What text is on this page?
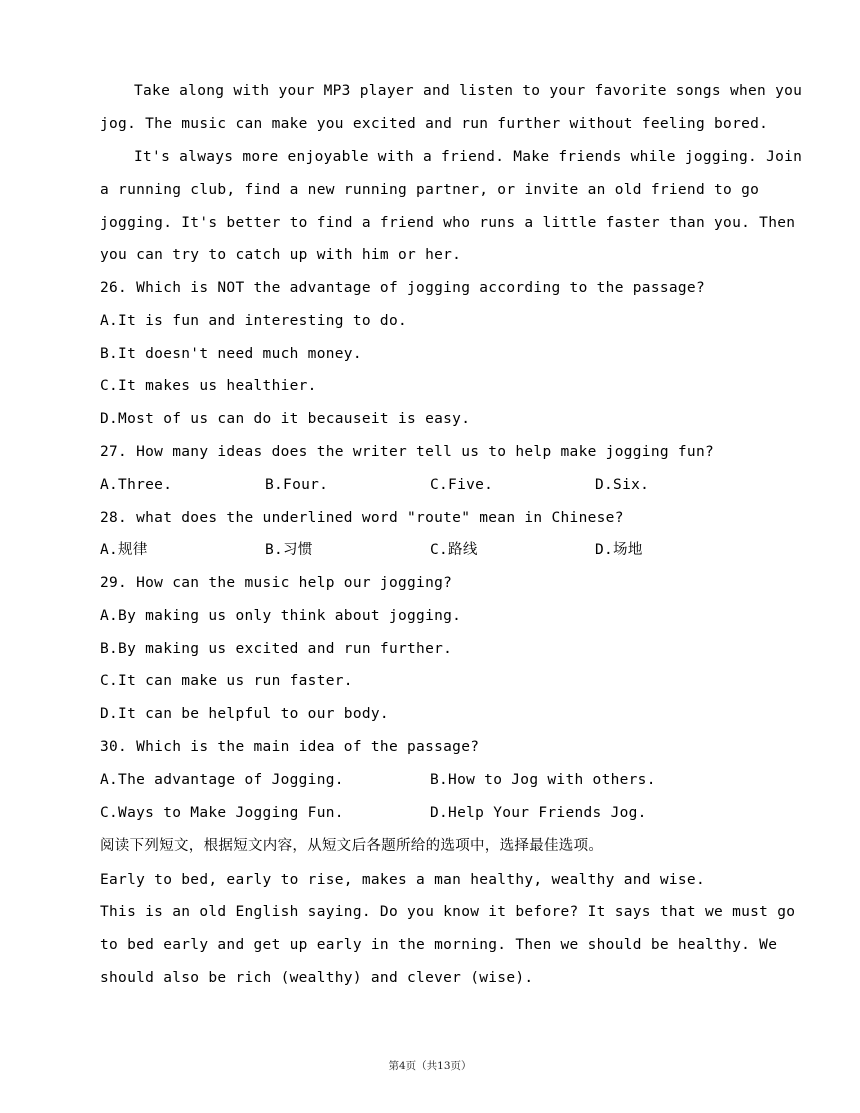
Take along with your MP3 player and listen to your favorite songs when you
jog. The music can make you excited and run further without feeling bored.
It's always more enjoyable with a friend. Make friends while jogging. Join
a running club, find a new running partner, or invite an old friend to go
jogging. It's better to find a friend who runs a little faster than you. Then
you can try to catch up with him or her.
26. Which is NOT the advantage of jogging according to the passage?
A.It is fun and interesting to do.
B.It doesn't need much money.
C.It makes us healthier.
D.Most of us can do it becauseit is easy.
27. How many ideas does the writer tell us to help make jogging fun?
A.Three.	B.Four.	C.Five.	D.Six.
28. what does the underlined word "route" mean in Chinese?
A.规律	B.习惯	C.路线	D.场地
29. How can the music help our jogging?
A.By making us only think about jogging.
B.By making us excited and run further.
C.It can make us run faster.
D.It can be helpful to our body.
30. Which is the main idea of the passage?
A.The advantage of Jogging.	B.How to Jog with others.
C.Ways to Make Jogging Fun.	D.Help Your Friends Jog.
阅读下列短文，根据短文内容，从短文后各题所给的选项中，选择最佳选项。
Early to bed, early to rise, makes a man healthy, wealthy and wise.
This is an old English saying. Do you know it before? It says that we must go
to bed early and get up early in the morning. Then we should be healthy. We
should also be rich (wealthy) and clever (wise).
第4页（共13页）
